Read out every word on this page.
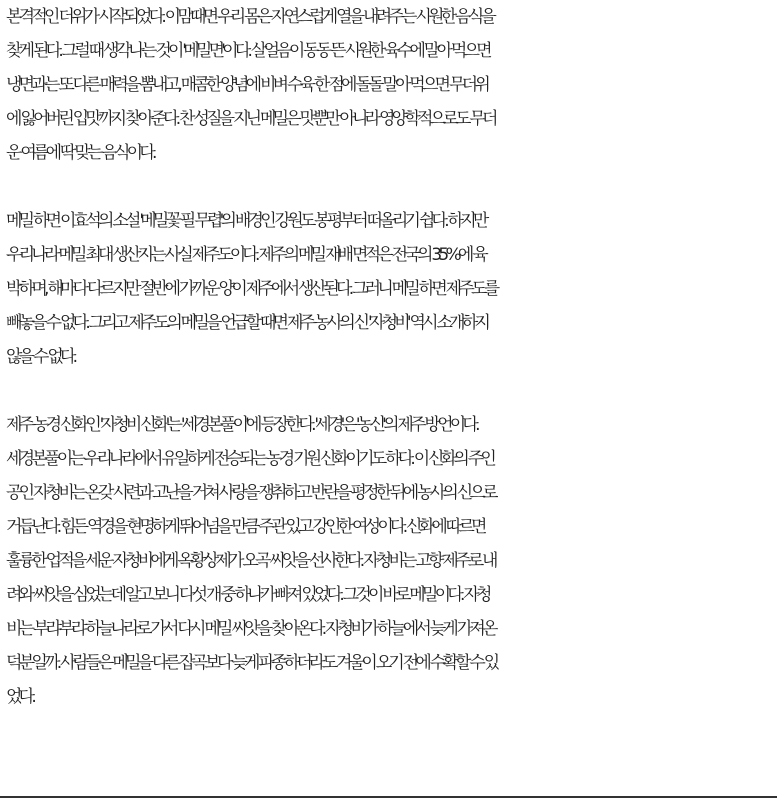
본격적인 더위가 시작되었다. 이맘때면 우리 몸은 자연스럽게 열을 내려주는 시원한 음식을
찾게 된다. 그럴 때 생각나는 것이 '메밀면'이다. 살얼음이 동동 뜬 시원한 육수에 말아 먹으면
냉면과는 또 다른 매력을 뽐내고, 매콤한 양념에 비벼 수육 한 점에 돌돌 말아 먹으면 무더위
에 잃어버린 입맛까지 찾아준다. 찬 성질을 지닌 메밀은 맛뿐만 아니라 영양학적으로도 무더
운 여름에 딱 맞는 음식이다.

메밀 하면 이효석의 소설 '메밀꽃 필 무렵'의 배경인 강원도 봉평부터 떠올리기 쉽다. 하지만
우리나라 메밀 최대 생산지는 사실 제주도이다. 제주의 메밀 재배 면적은 전국의 35%에 육
박하며, 해마다 다르지만 절반에 가까운 양이 제주에서 생산된다. 그러니 메밀 하면 제주도를
빼놓을 수 없다. 그리고 제주도의 메밀을 언급할 때면 제주 농사의 신 '자청비' 역시 소개하지
않을 수 없다.

제주 농경 신화인 '자청비 신화'는 '세경본풀이'에 등장한다. '세경'은 '농신'의 제주 방언이다.
세경본풀이는 우리나라에서 유일하게 전승되는 농경 기원 신화이기도 하다. 이 신화의 주인
공인 자청비는 온갖 시련과 고난을 거쳐 사랑을 쟁취하고 반란을 평정한 뒤에 농사의 신으로
거듭난다. 힘든 역경을 현명하게 뛰어넘을 만큼 주관 있고 강인한 여성이다. 신화에 따르면
훌륭한 업적을 세운 자청비에게 옥황상제가 오곡 씨앗을 선사한다. 자청비는 고향 제주로 내
려와 씨앗을 심었는데 알고 보니 다섯 개 중 하나가 빠져 있었다. 그것이 바로 메밀이다. 자청
비는 부랴부랴 하늘나라로 가서 다시 메밀 씨앗을 찾아온다. 자청비가 하늘에서 늦게 가져온
덕분일까. 사람들은 메밀을 다른 잡곡보다 늦게 파종하더라도 겨울이 오기 전에 수확할 수 있
었다.
